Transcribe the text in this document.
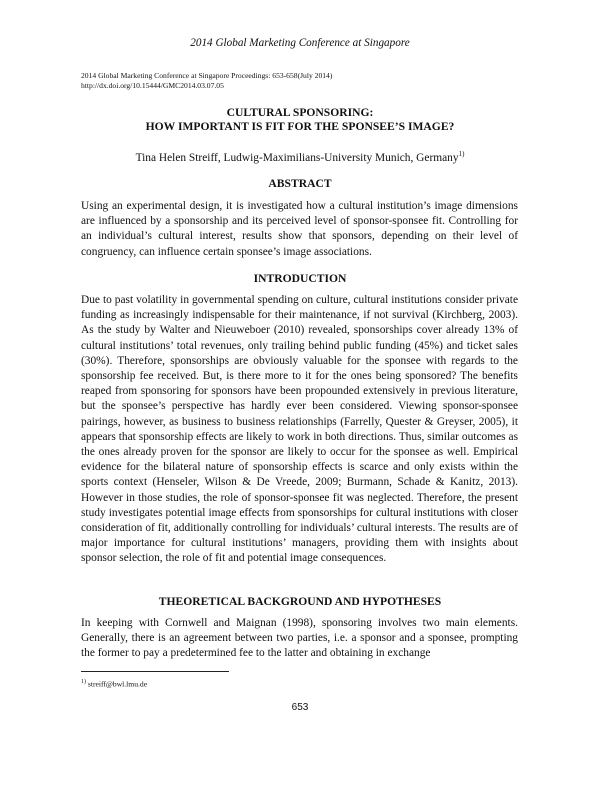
2014 Global Marketing Conference at Singapore
2014 Global Marketing Conference at Singapore Proceedings: 653-658(July 2014)
http://dx.doi.org/10.15444/GMC2014.03.07.05
CULTURAL SPONSORING:
HOW IMPORTANT IS FIT FOR THE SPONSEE’S IMAGE?
Tina Helen Streiff, Ludwig-Maximilians-University Munich, Germany$^{1)}$
ABSTRACT
Using an experimental design, it is investigated how a cultural institution’s image dimensions are influenced by a sponsorship and its perceived level of sponsor-sponsee fit. Controlling for an individual’s cultural interest, results show that sponsors, depending on their level of congruency, can influence certain sponsee’s image associations.
INTRODUCTION
Due to past volatility in governmental spending on culture, cultural institutions consider private funding as increasingly indispensable for their maintenance, if not survival (Kirchberg, 2003). As the study by Walter and Nieuweboer (2010) revealed, sponsorships cover already 13% of cultural institutions’ total revenues, only trailing behind public funding (45%) and ticket sales (30%). Therefore, sponsorships are obviously valuable for the sponsee with regards to the sponsorship fee received. But, is there more to it for the ones being sponsored? The benefits reaped from sponsoring for sponsors have been propounded extensively in previous literature, but the sponsee’s perspective has hardly ever been considered. Viewing sponsor-sponsee pairings, however, as business to business relationships (Farrelly, Quester & Greyser, 2005), it appears that sponsorship effects are likely to work in both directions. Thus, similar outcomes as the ones already proven for the sponsor are likely to occur for the sponsee as well. Empirical evidence for the bilateral nature of sponsorship effects is scarce and only exists within the sports context (Henseler, Wilson & De Vreede, 2009; Burmann, Schade & Kanitz, 2013). However in those studies, the role of sponsor-sponsee fit was neglected. Therefore, the present study investigates potential image effects from sponsorships for cultural institutions with closer consideration of fit, additionally controlling for individuals’ cultural interests. The results are of major importance for cultural institutions’ managers, providing them with insights about sponsor selection, the role of fit and potential image consequences.
THEORETICAL BACKGROUND AND HYPOTHESES
In keeping with Cornwell and Maignan (1998), sponsoring involves two main elements. Generally, there is an agreement between two parties, i.e. a sponsor and a sponsee, prompting the former to pay a predetermined fee to the latter and obtaining in exchange
$^{1)}$ streiff@bwl.lmu.de
653
